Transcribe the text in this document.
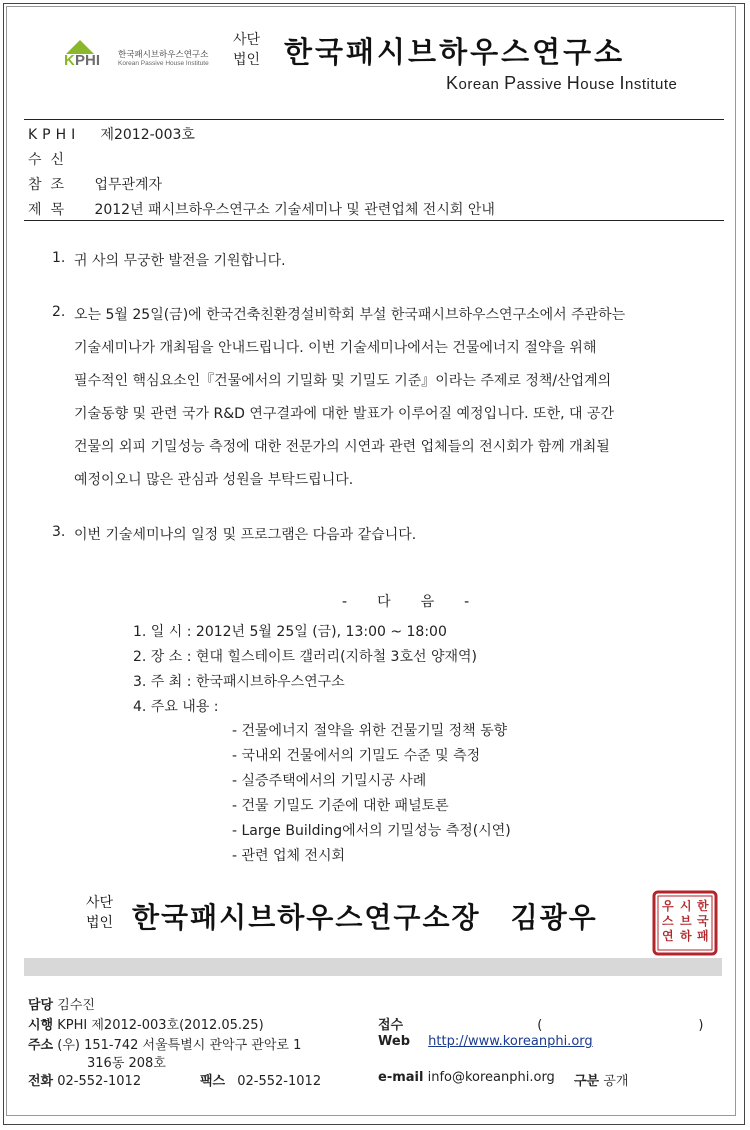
K PHI 한국패시브하우스연구소
Korean Passive House Institute
사단
법인 한국패시브하우스연구소
Korean Passive House Institute
KPHI 제2012-003호
수신
참조 업무관계자
제목 2012년 패시브하우스연구소 기술세미나 및 관련업체 전시회 안내
1. 귀 사의 무궁한 발전을 기원합니다.
2. 오는 5월 25일(금)에 한국건축친환경설비학회 부설 한국패시브하우스연구소에서 주관하는
기술세미나가 개최됨을 안내드립니다. 이번 기술세미나에서는 건물에너지 절약을 위해
필수적인 핵심요소인『건물에서의 기밀화 및 기밀도 기준』이라는 주제로 정책/산업계의
기술동향 및 관련 국가 R&D 연구결과에 대한 발표가 이루어질 예정입니다. 또한, 대 공간
건물의 외피 기밀성능 측정에 대한 전문가의 시연과 관련 업체들의 전시회가 함께 개최될
예정이오니 많은 관심과 성원을 부탁드립니다.
3. 이번 기술세미나의 일정 및 프로그램은 다음과 같습니다.
- 다 음 -
1. 일 시 : 2012년 5월 25일 (금), 13:00 ~ 18:00
2. 장 소 : 현대 힐스테이트 갤러리(지하철 3호선 양재역)
3. 주 최 : 한국패시브하우스연구소
4. 주요 내용 :
- 건물에너지 절약을 위한 건물기밀 정책 동향
- 국내외 건물에서의 기밀도 수준 및 측정
- 실증주택에서의 기밀시공 사례
- 건물 기밀도 기준에 대한 패널토론
- Large Building에서의 기밀성능 측정(시연)
- 관련 업체 전시회
사단
법인 한국패시브하우스연구소장　김광우	한
국
패
시
브
하
우
스
연
담당 김수진
시행 KPHI 제2012-003호(2012.05.25)	접수	(　　　　　　　　　　　　)
주소 (우) 151-742 서울특별시 관악구 관악로 1
316동 208호
Web http://www.koreanphi.org
전화 02-552-1012	팩스 02-552-1012	e-mail info@koreanphi.org 구분 공개
